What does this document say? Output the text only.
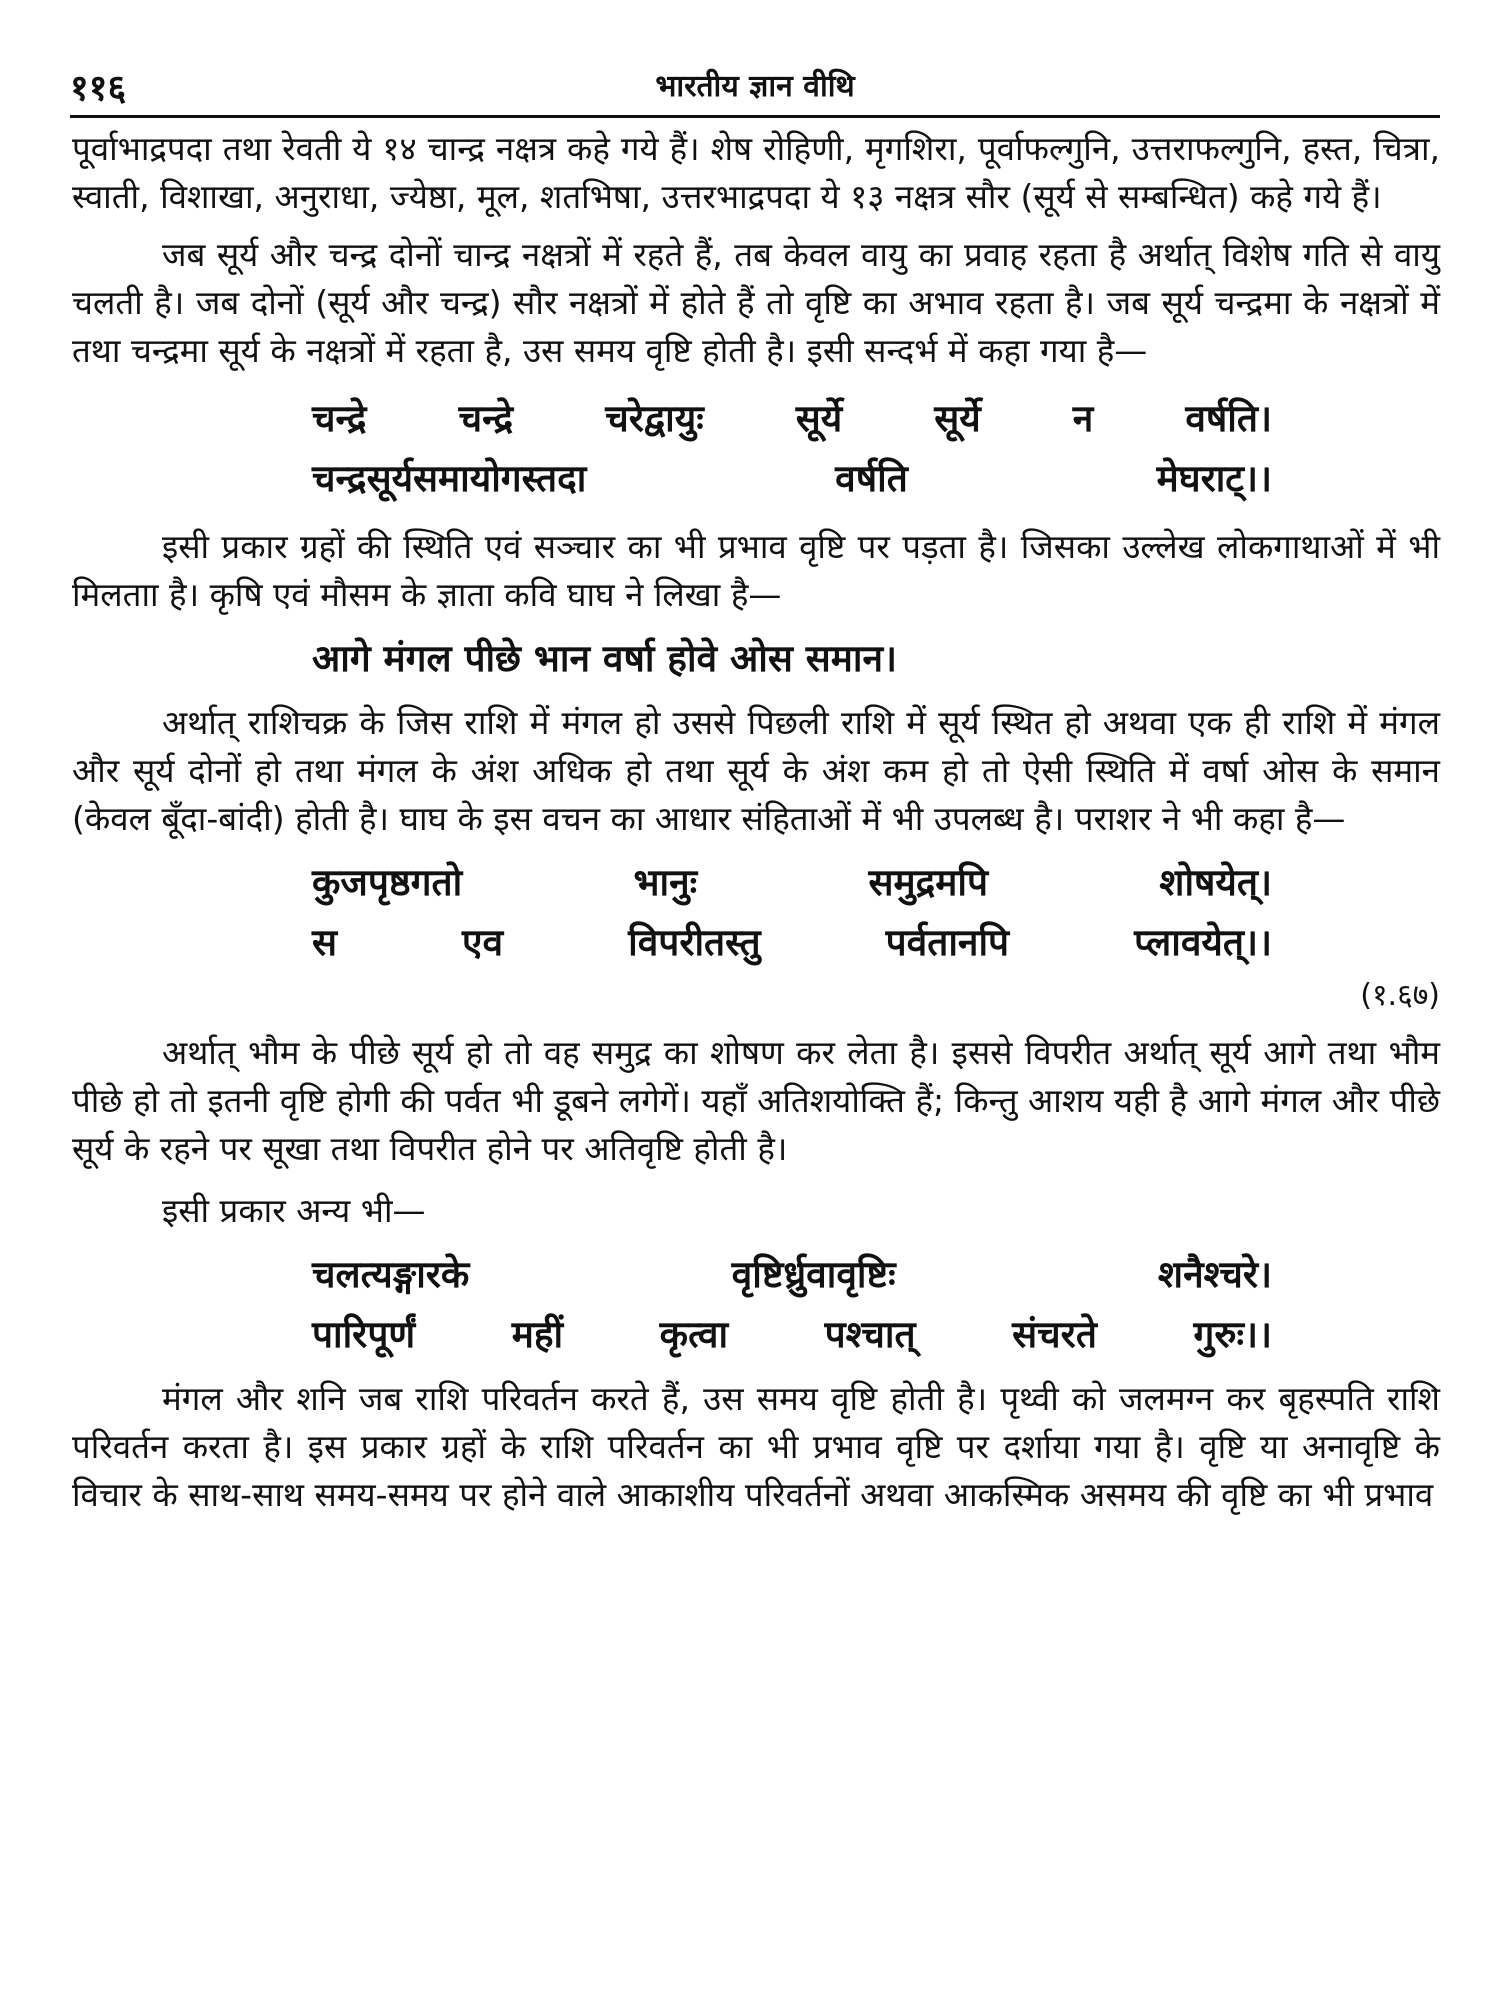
११६	भारतीय ज्ञान वीथि

पूर्वाभाद्रपदा तथा रेवती ये १४ चान्द्र नक्षत्र कहे गये हैं। शेष रोहिणी, मृगशिरा, पूर्वाफल्गुनि, उत्तराफल्गुनि, हस्त, चित्रा, स्वाती, विशाखा, अनुराधा, ज्येष्ठा, मूल, शतभिषा, उत्तरभाद्रपदा ये १३ नक्षत्र सौर (सूर्य से सम्बन्धित) कहे गये हैं।

जब सूर्य और चन्द्र दोनों चान्द्र नक्षत्रों में रहते हैं, तब केवल वायु का प्रवाह रहता है अर्थात् विशेष गति से वायु चलती है। जब दोनों (सूर्य और चन्द्र) सौर नक्षत्रों में होते हैं तो वृष्टि का अभाव रहता है। जब सूर्य चन्द्रमा के नक्षत्रों में तथा चन्द्रमा सूर्य के नक्षत्रों में रहता है, उस समय वृष्टि होती है। इसी सन्दर्भ में कहा गया है—

चन्द्रे चन्द्रे चरेद्वायुः सूर्ये सूर्ये न वर्षति।
चन्द्रसूर्यसमायोगस्तदा वर्षति मेघराट्।।

इसी प्रकार ग्रहों की स्थिति एवं सञ्चार का भी प्रभाव वृष्टि पर पड़ता है। जिसका उल्लेख लोकगाथाओं में भी मिलताा है। कृषि एवं मौसम के ज्ञाता कवि घाघ ने लिखा है—

आगे मंगल पीछे भान वर्षा होवे ओस समान।

अर्थात् राशिचक्र के जिस राशि में मंगल हो उससे पिछली राशि में सूर्य स्थित हो अथवा एक ही राशि में मंगल और सूर्य दोनों हो तथा मंगल के अंश अधिक हो तथा सूर्य के अंश कम हो तो ऐसी स्थिति में वर्षा ओस के समान (केवल बूँदा-बांदी) होती है। घाघ के इस वचन का आधार संहिताओं में भी उपलब्ध है। पराशर ने भी कहा है—

कुजपृष्ठगतो भानुः समुद्रमपि शोषयेत्।
स एव विपरीतस्तु पर्वतानपि प्लावयेत्।।
(१.६७)

अर्थात् भौम के पीछे सूर्य हो तो वह समुद्र का शोषण कर लेता है। इससे विपरीत अर्थात् सूर्य आगे तथा भौम पीछे हो तो इतनी वृष्टि होगी की पर्वत भी डूबने लगेगें। यहाँ अतिशयोक्ति हैं; किन्तु आशय यही है आगे मंगल और पीछे सूर्य के रहने पर सूखा तथा विपरीत होने पर अतिवृष्टि होती है।

इसी प्रकार अन्य भी—

चलत्यङ्गारके वृष्टिर्ध्रुवावृष्टिः शनैश्चरे।
पारिपूर्णं महीं कृत्वा पश्चात् संचरते गुरुः।।

मंगल और शनि जब राशि परिवर्तन करते हैं, उस समय वृष्टि होती है। पृथ्वी को जलमग्न कर बृहस्पति राशि परिवर्तन करता है। इस प्रकार ग्रहों के राशि परिवर्तन का भी प्रभाव वृष्टि पर दर्शाया गया है। वृष्टि या अनावृष्टि के विचार के साथ-साथ समय-समय पर होने वाले आकाशीय परिवर्तनों अथवा आकस्मिक असमय की वृष्टि का भी प्रभाव
